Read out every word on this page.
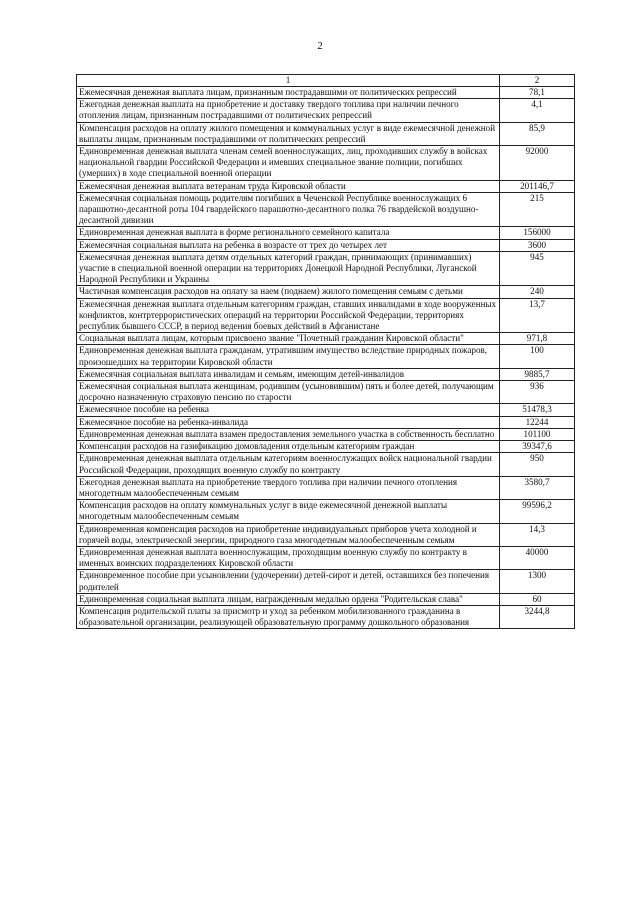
2
1	2
Ежемесячная денежная выплата лицам, признанным пострадавшими от политических репрессий	78,1
Ежегодная денежная выплата на приобретение и доставку твердого топлива при наличии печного отопления лицам, признанным пострадавшими от политических репрессий	4,1
Компенсация расходов на оплату жилого помещения и коммунальных услуг в виде ежемесячной денежной выплаты лицам, признанным пострадавшими от политических репрессий	85,9
Единовременная денежная выплата членам семей военнослужащих, лиц, проходивших службу в войсках национальной гвардии Российской Федерации и имевших специальное звание полиции, погибших (умерших) в ходе специальной военной операции	92000
Ежемесячная денежная выплата ветеранам труда Кировской области	201146,7
Ежемесячная социальная помощь родителям погибших в Чеченской Республике военнослужащих 6 парашютно-десантной роты 104 гвардейского парашютно-десантного полка 76 гвардейской воздушно-десантной дивизии	215
Единовременная денежная выплата в форме регионального семейного капитала	156000
Ежемесячная социальная выплата на ребенка в возрасте от трех до четырех лет	3600
Ежемесячная денежная выплата детям отдельных категорий граждан, принимающих (принимавших) участие в специальной военной операции на территориях Донецкой Народной Республики, Луганской Народной Республики и Украины	945
Частичная компенсация расходов на оплату за наем (поднаем) жилого помещения семьям с детьми	240
Ежемесячная денежная выплата отдельным категориям граждан, ставших инвалидами в ходе вооруженных конфликтов, контртеррористических операций на территории Российской Федерации, территориях республик бывшего СССР, в период ведения боевых действий в Афганистане	13,7
Социальная выплата лицам, которым присвоено звание "Почетный гражданин Кировской области"	971,8
Единовременная денежная выплата гражданам, утратившим имущество вследствие природных пожаров, произошедших на территории Кировской области	100
Ежемесячная социальная выплата инвалидам и семьям, имеющим детей-инвалидов	9885,7
Ежемесячная социальная выплата женщинам, родившим (усыновившим) пять и более детей, получающим досрочно назначенную страховую пенсию по старости	936
Ежемесячное пособие на ребенка	51478,3
Ежемесячное пособие на ребенка-инвалида	12244
Единовременная денежная выплата взамен предоставления земельного участка в собственность бесплатно	101100
Компенсация расходов на газификацию домовладения отдельным категориям граждан	39347,6
Единовременная денежная выплата отдельным категориям военнослужащих войск национальной гвардии Российской Федерации, проходящих военную службу по контракту	950
Ежегодная денежная выплата на приобретение твердого топлива при наличии печного отопления многодетным малообеспеченным семьям	3580,7
Компенсация расходов на оплату коммунальных услуг в виде ежемесячной денежной выплаты многодетным малообеспеченным семьям	99596,2
Единовременная компенсация расходов на приобретение индивидуальных приборов учета холодной и горячей воды, электрической энергии, природного газа многодетным малообеспеченным семьям	14,3
Единовременная денежная выплата военнослужащим, проходящим военную службу по контракту в именных воинских подразделениях Кировской области	40000
Единовременное пособие при усыновлении (удочерении) детей-сирот и детей, оставшихся без попечения родителей	1300
Единовременная социальная выплата лицам, награжденным медалью ордена "Родительская слава"	60
Компенсация родительской платы за присмотр и уход за ребенком мобилизованного гражданина в образовательной организации, реализующей образовательную программу дошкольного образования	3244,8
